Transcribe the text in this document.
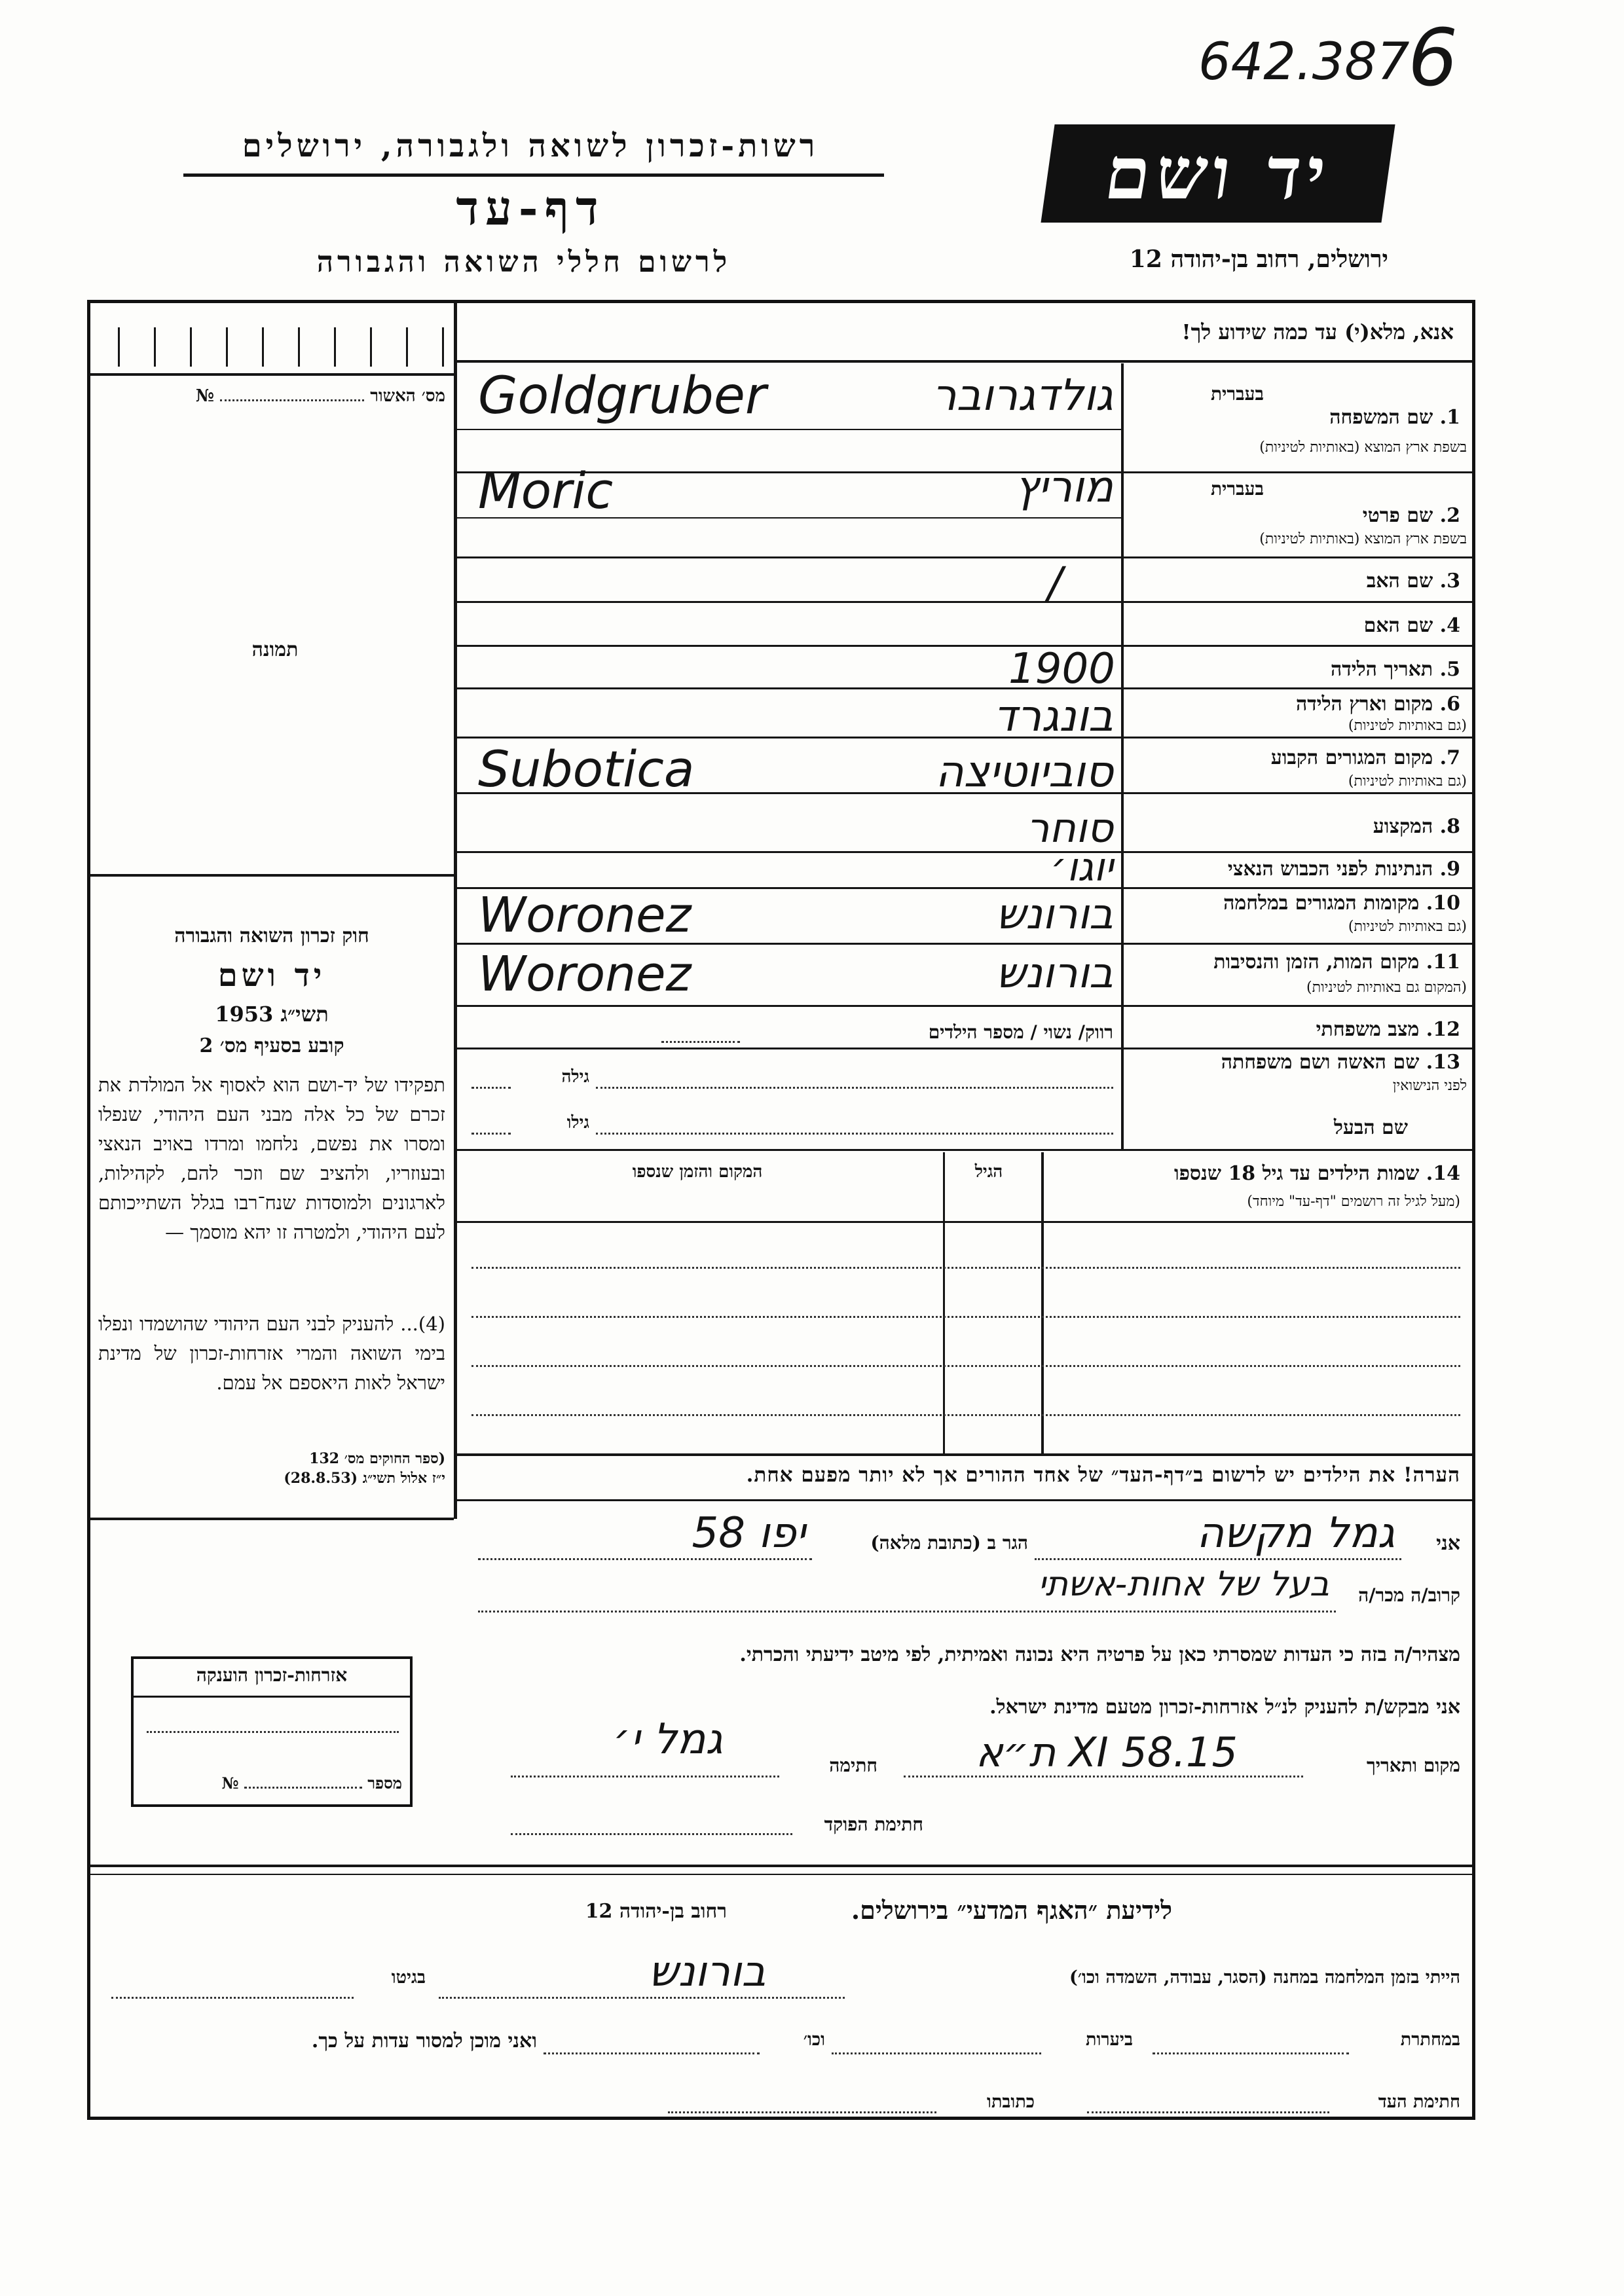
642.387
6
רשות-זכרון לשואה ולגבורה, ירושלים
דף-עד
לרשום חללי השואה והגבורה
יד ושם
ירושלים, רחוב בן-יהודה 12
אנא, מלא(י) עד כמה שידוע לך!
מס׳ האשור  №
תמונה
1. שם המשפחה
בעברית
בשפת ארץ המוצא (באותיות לטיניות)
Goldgruber	גולדגרובר
בעברית
2. שם פרטי
בשפת ארץ המוצא (באותיות לטיניות)
Moric	מוריץ
3. שם האב
/
4. שם האם
5. תאריך הלידה
1900
6. מקום וארץ הלידה
(גם באותיות לטיניות)
בונגרד
7. מקום המגורים הקבוע
(גם באותיות לטיניות)
Subotica	סוביוטיצה
8. המקצוע
סוחר
9. הנתינות לפני הכבוש הנאצי
יוגו׳
10. מקומות המגורים במלחמה
(גם באותיות לטיניות)
Woronez	בורונש
11. מקום המות, הזמן והנסיבות
(המקום גם באותיות לטיניות)
Woronez	בורונש
12. מצב משפחתי
רווק/ נשוי / מספר הילדים
13. שם האשה ושם משפחתה
לפני הנישואין
גילה
שם הבעל
גילו
14. שמות הילדים עד גיל 18 שנספו
(מעל לגיל זה רושמים "דף-עד" מיוחד)
הגיל
המקום והזמן שנספו
חוק זכרון השואה והגבורה
יד ושם
תשי״ג 1953
קובע בסעיף מס׳ 2
תפקידו של יד-ושם הוא לאסוף אל המולדת את זכרם של כל אלה מבני העם היהודי, שנפלו ומסרו את נפשם, נלחמו ומרדו באויב הנאצי ובעוזריו, ולהציב שם וזכר להם, לקהילות, לארגונים ולמוסדות שנח־רבו בגלל השתייכותם לעם היהודי, ולמטרה זו יהא מוסמך —
(4)... להעניק לבני העם היהודי שהושמדו ונפלו בימי השואה והמרי אזרחות-זכרון של מדינת ישראל לאות היאספם אל עמם.
(ספר החוקים מס׳ 132
י״ז אלול תשי״ג (28.8.53)	הערה! את הילדים יש לרשום ב״דף-העד״ של אחד ההורים אך לא יותר מפעם אחת.
אני
גמל מקשה
הגר ב (כתובת מלאה)
יפו 58
קרוב/ה מכר/ה
בעל של אחות-אשתי
מצהיר/ה בזה כי העדות שמסרתי כאן על פרטיה היא נכונה ואמיתית, לפי מיטב ידיעתי והכרתי.
אני מבקש/ת להעניק לנ״ל אזרחות-זכרון מטעם מדינת ישראל.
מקום ותאריך
15.XI 58 ת״א
חתימה
גמל י׳
חתימת הפוקד
אזרחות-זכרון הוענקה
מספר  №
לידיעת ״האגף המדעי״ בירושלים.
רחוב בן-יהודה 12
הייתי בזמן המלחמה במחנה (הסגר, עבודה, השמדה וכו׳)
בורונש
בגיטו
במחתרת
ביערות
וכו׳
ואני מוכן למסור עדות על כך.
חתימת העד
כתובתו
